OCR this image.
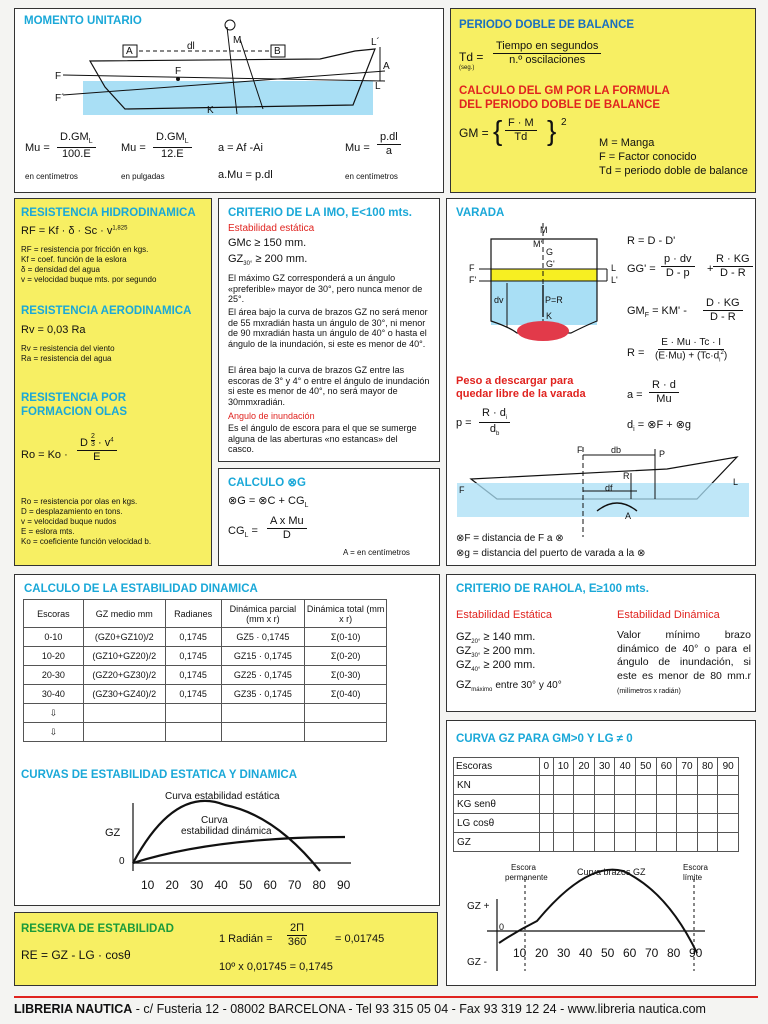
MOMENTO UNITARIO
A	dl	B
M	L´
A
L
F
F´
F
K
Mu =
$D.GM_L$
100.E
en centímetros
Mu =
$D.GM_L$
12.E
en pulgadas
a = Af -Ai
a.Mu = p.dl
$Mu = \frac{p.dl}{a}$
en centímetros
PERIODO DOBLE DE BALANCE
Td =
(seg.)
Tiempo en segundos
n.º oscilaciones
CALCULO DEL GM POR LA FORMULA
DEL PERIODO DOBLE DE BALANCE
GM = { $\frac{F \cdot M}{Td}$ } 2
M = Manga
F = Factor conocido
Td = periodo doble de balance
RESISTENCIA HIDRODINAMICA
RF = $Kf \cdot \delta \cdot Sc \cdot v^{1,825}$
RF = resistencia por fricción en kgs.
Kf = coef. función de la eslora
δ = densidad del agua
v = velocidad buque mts. por segundo
RESISTENCIA AERODINAMICA
Rv = 0,03 Ra
Rv = resistencia del viento
Ra = resistencia del agua
RESISTENCIA POR
FORMACION OLAS
$Ro = Ko \cdot \frac{D \frac{2}{3} \cdot v^4}{E}$
Ro = resistencia por olas en kgs.
D = desplazamiento en tons.
v = velocidad buque nudos
E = eslora mts.
Ko = coeficiente función velocidad b.
CRITERIO DE LA IMO, E<100 mts.
Estabilidad estática
GMc ≥ 150 mm.
$GZ_{30^\circ} \ge 200$ mm.
El máximo GZ corresponderá a un ángulo «preferible» mayor de 30°, pero nunca menor de 25°.
El área bajo la curva de brazos GZ no será menor de 55 mxradián hasta un ángulo de 30°, ni menor de 90 mxradián hasta un ángulo de 40° o hasta el ángulo de la inundación, si este es menor de 40°.
El área bajo la curva de brazos GZ entre las escoras de 3° y 4° o entre el ángulo de inundación si este es menor de 40°, no será mayor de 30mmxradián.
Angulo de inundación
Es el ángulo de escora para el que se sumerge alguna de las aberturas «no estancas» del casco.
CALCULO ⊗G
⊗G = ⊗C + $CG_L$
$CG_L = \frac{\text{A x Mu}}{D}$
A = en centímetros
VARADA
M
M'
G
G'
F
F'
L
L'
dv	P=R
K
R = D - D'
$GG' = \frac{p \cdot dv}{D - p} + \frac{R \cdot KG}{D - R}$
$GM_F = KM' - \frac{D \cdot KG}{D - R}$
$R = \frac{E \cdot Mu \cdot Tc \cdot I}{(E\cdot Mu) + (Tc\cdot d_i^2)}$
Peso a descargar para
quedar libre de la varada
$p = \frac{R \cdot d_i}{d_b}$
$a = \frac{R \cdot d}{Mu}$
$d_i$ = ⊗F + ⊗g
F	db	P
F
R
df
L
A
⊗F = distancia de F a ⊗
⊗g = distancia del puerto de varada a la ⊗
CALCULO DE LA ESTABILIDAD DINAMICA
Escoras	GZ medio mm	Radianes	Dinámica parcial (mm x r)	Dinámica total (mm x r)
0-10	(GZ0+GZ10)/2	0,1745	GZ5 · 0,1745	Σ(0-10)
10-20	(GZ10+GZ20)/2	0,1745	GZ15 · 0,1745	Σ(0-20)
20-30	(GZ20+GZ30)/2	0,1745	GZ25 · 0,1745	Σ(0-30)
30-40	(GZ30+GZ40)/2	0,1745	GZ35 · 0,1745	Σ(0-40)
⇩				
⇩				
CURVAS DE ESTABILIDAD ESTATICA Y DINAMICA
Curva estabilidad estática
Curva
estabilidad dinámica
GZ
0
10 20 30 40 50 60 70 80 90
RESERVA DE ESTABILIDAD
RE = GZ - LG · cosθ
1 Radián = $\frac{2\Pi}{360}$	= 0,01745
10º x 0,01745 = 0,1745
CRITERIO DE RAHOLA, E≥100 mts.
Estabilidad Estática	Estabilidad Dinámica
$GZ_{20^\circ} \ge 140$ mm.
$GZ_{30^\circ} \ge 200$ mm.
$GZ_{40^\circ} \ge 200$ mm.
$GZ_{máximo}$ entre 30° y 40°
Valor mínimo brazo dinámico de 40° o para el ángulo de inundación, si este es menor de 80 mm.r (milímetros x radián)
CURVA GZ PARA GM>0 Y LG ≠ 0
Escoras	0	10	20	30	40	50	60	70	80	90
KN										
KG senθ										
LG cosθ										
GZ										
Curva brazos GZ
Escora
permanente
Escora
límite
GZ +
GZ -
0
10 20 30 40 50 60 70 80 90
LIBRERIA NAUTICA - c/ Fusteria 12 - 08002 BARCELONA - Tel 93 315 05 04 - Fax 93 319 12 24 - www.libreria nautica.com
